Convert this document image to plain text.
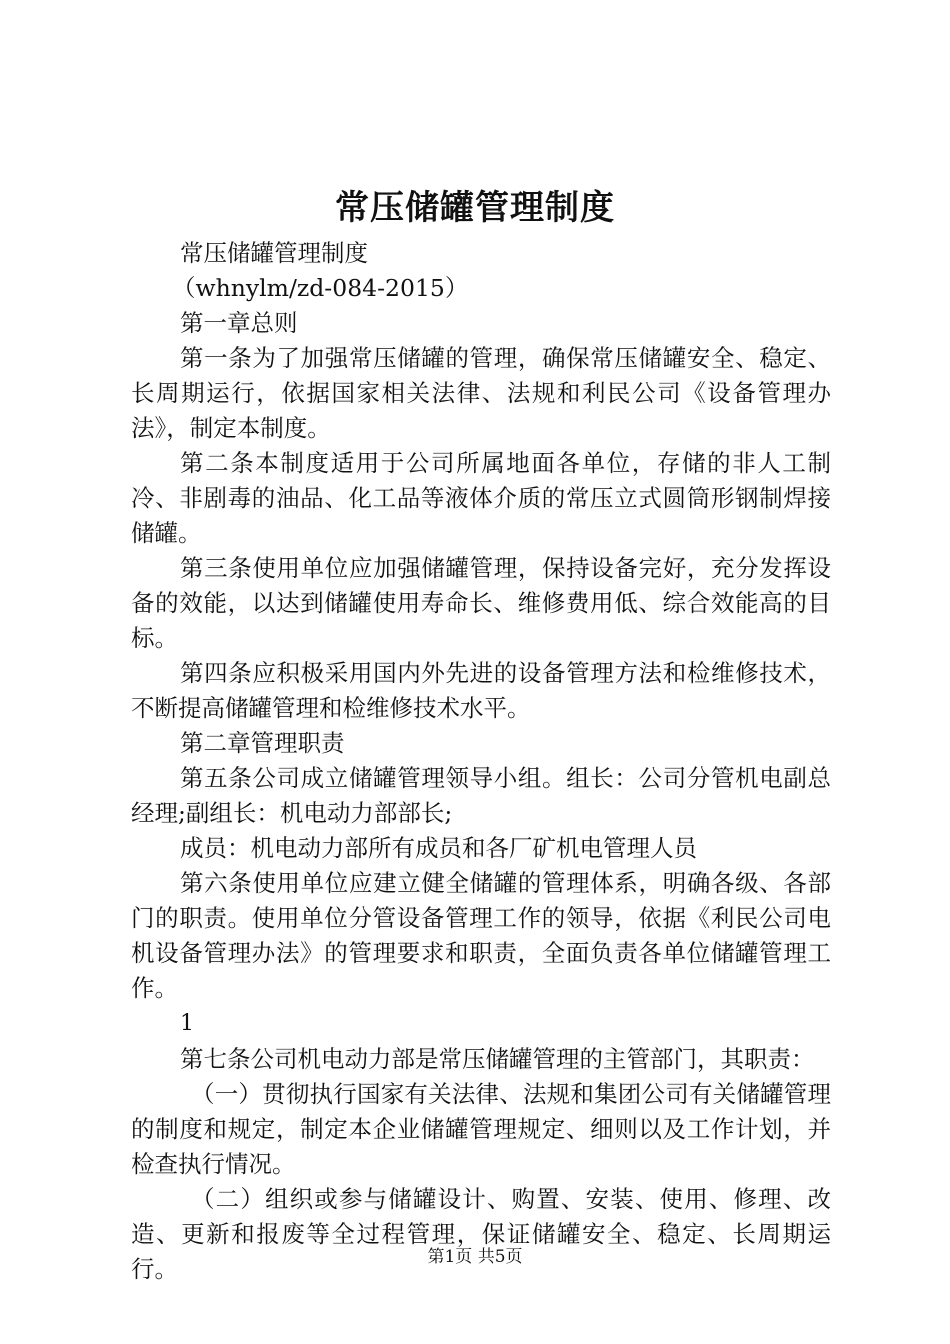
常压储罐管理制度

常压储罐管理制度

（whnylm/zd-084-2015）

第一章总则

第一条为了加强常压储罐的管理，确保常压储罐安全、稳定、长周期运行，依据国家相关法律、法规和利民公司《设备管理办法》，制定本制度。

第二条本制度适用于公司所属地面各单位，存储的非人工制冷、非剧毒的油品、化工品等液体介质的常压立式圆筒形钢制焊接储罐。

第三条使用单位应加强储罐管理，保持设备完好，充分发挥设备的效能，以达到储罐使用寿命长、维修费用低、综合效能高的目标。

第四条应积极采用国内外先进的设备管理方法和检维修技术，不断提高储罐管理和检维修技术水平。

第二章管理职责

第五条公司成立储罐管理领导小组。组长：公司分管机电副总经理;副组长：机电动力部部长;

成员：机电动力部所有成员和各厂矿机电管理人员

第六条使用单位应建立健全储罐的管理体系，明确各级、各部门的职责。使用单位分管设备管理工作的领导，依据《利民公司电机设备管理办法》的管理要求和职责，全面负责各单位储罐管理工作。

1

第七条公司机电动力部是常压储罐管理的主管部门，其职责：

（一）贯彻执行国家有关法律、法规和集团公司有关储罐管理的制度和规定，制定本企业储罐管理规定、细则以及工作计划，并检查执行情况。

（二）组织或参与储罐设计、购置、安装、使用、修理、改造、更新和报废等全过程管理，保证储罐安全、稳定、长周期运行。	第1页 共5页
